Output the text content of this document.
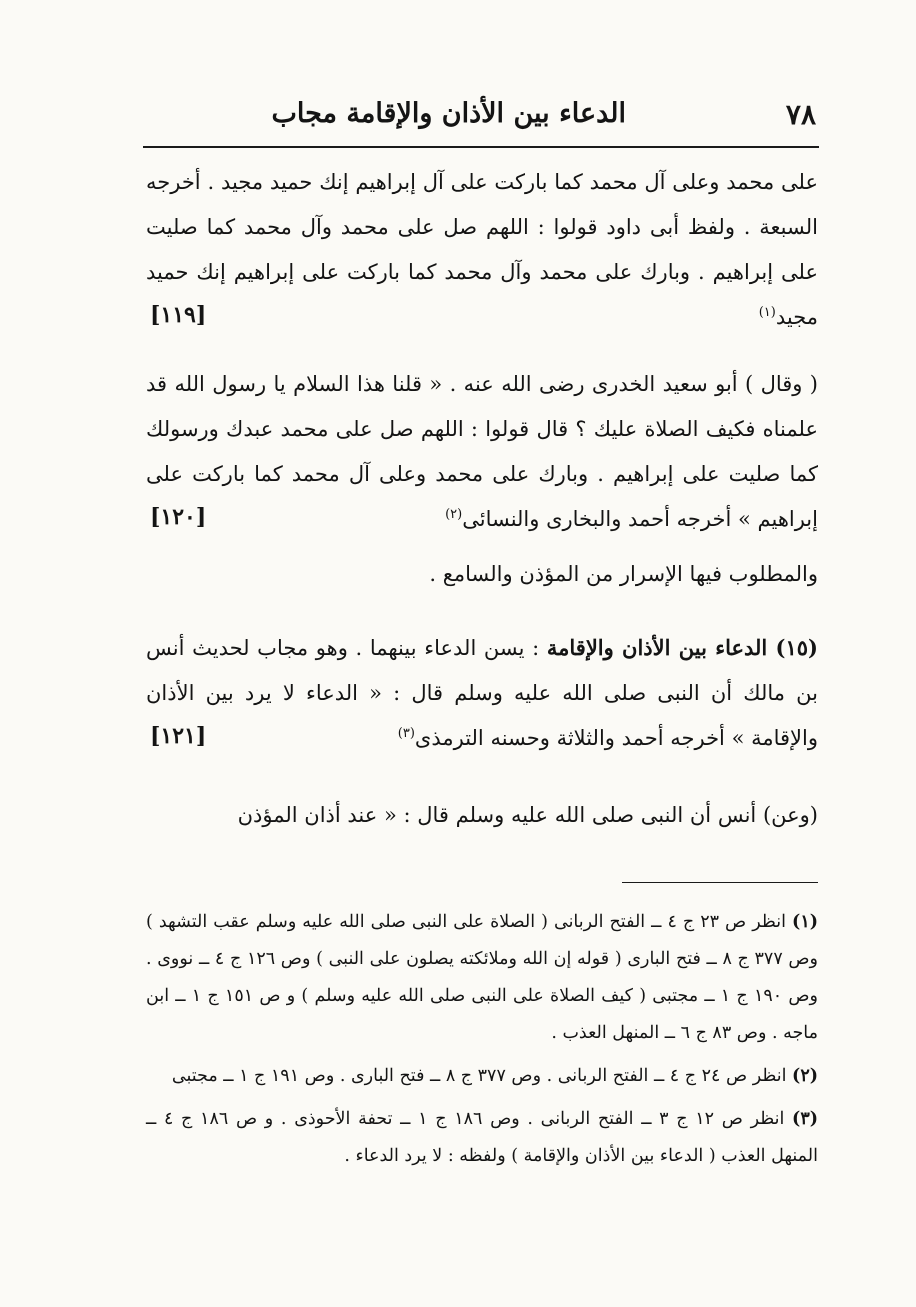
٧٨
الدعاء بين الأذان والإقامة مجاب

على محمد وعلى آل محمد كما باركت على آل إبراهيم إنك حميد مجيد . أخرجه السبعة . ولفظ أبى داود قولوا : اللهم صل على محمد وآل محمد كما صليت على إبراهيم . وبارك على محمد وآل محمد كما باركت على إبراهيم إنك حميد مجيد$^{(١)}$
[١١٩]

( وقال ) أبو سعيد الخدرى رضى الله عنه . « قلنا هذا السلام يا رسول الله قد علمناه فكيف الصلاة عليك ؟ قال قولوا : اللهم صل على محمد عبدك ورسولك كما صليت على إبراهيم . وبارك على محمد وعلى آل محمد كما باركت على إبراهيم » أخرجه أحمد والبخارى والنسائى$^{(٢)}$
[١٢٠]

والمطلوب فيها الإسرار من المؤذن والسامع .

(١٥) الدعاء بين الأذان والإقامة : يسن الدعاء بينهما . وهو مجاب لحديث أنس بن مالك أن النبى صلى الله عليه وسلم قال : « الدعاء لا يرد بين الأذان والإقامة » أخرجه أحمد والثلاثة وحسنه الترمذى$^{(٣)}$
[١٢١]

(وعن) أنس أن النبى صلى الله عليه وسلم قال : « عند أذان المؤذن

(١) انظر ص ٢٣ ج ٤ ــ الفتح الربانى ( الصلاة على النبى صلى الله عليه وسلم عقب التشهد ) وص ٣٧٧ ج ٨ ــ فتح البارى ( قوله إن الله وملائكته يصلون على النبى ) وص ١٢٦ ج ٤ ــ نووى . وص ١٩٠ ج ١ ــ مجتبى ( كيف الصلاة على النبى صلى الله عليه وسلم ) و ص ١٥١ ج ١ ــ ابن ماجه . وص ٨٣ ج ٦ ــ المنهل العذب .

(٢) انظر ص ٢٤ ج ٤ ــ الفتح الربانى . وص ٣٧٧ ج ٨ ــ فتح البارى . وص ١٩١ ج ١ ــ مجتبى

(٣) انظر ص ١٢ ج ٣ ــ الفتح الربانى . وص ١٨٦ ج ١ ــ تحفة الأحوذى . و ص ١٨٦ ج ٤ ــ المنهل العذب ( الدعاء بين الأذان والإقامة ) ولفظه : لا يرد الدعاء .
